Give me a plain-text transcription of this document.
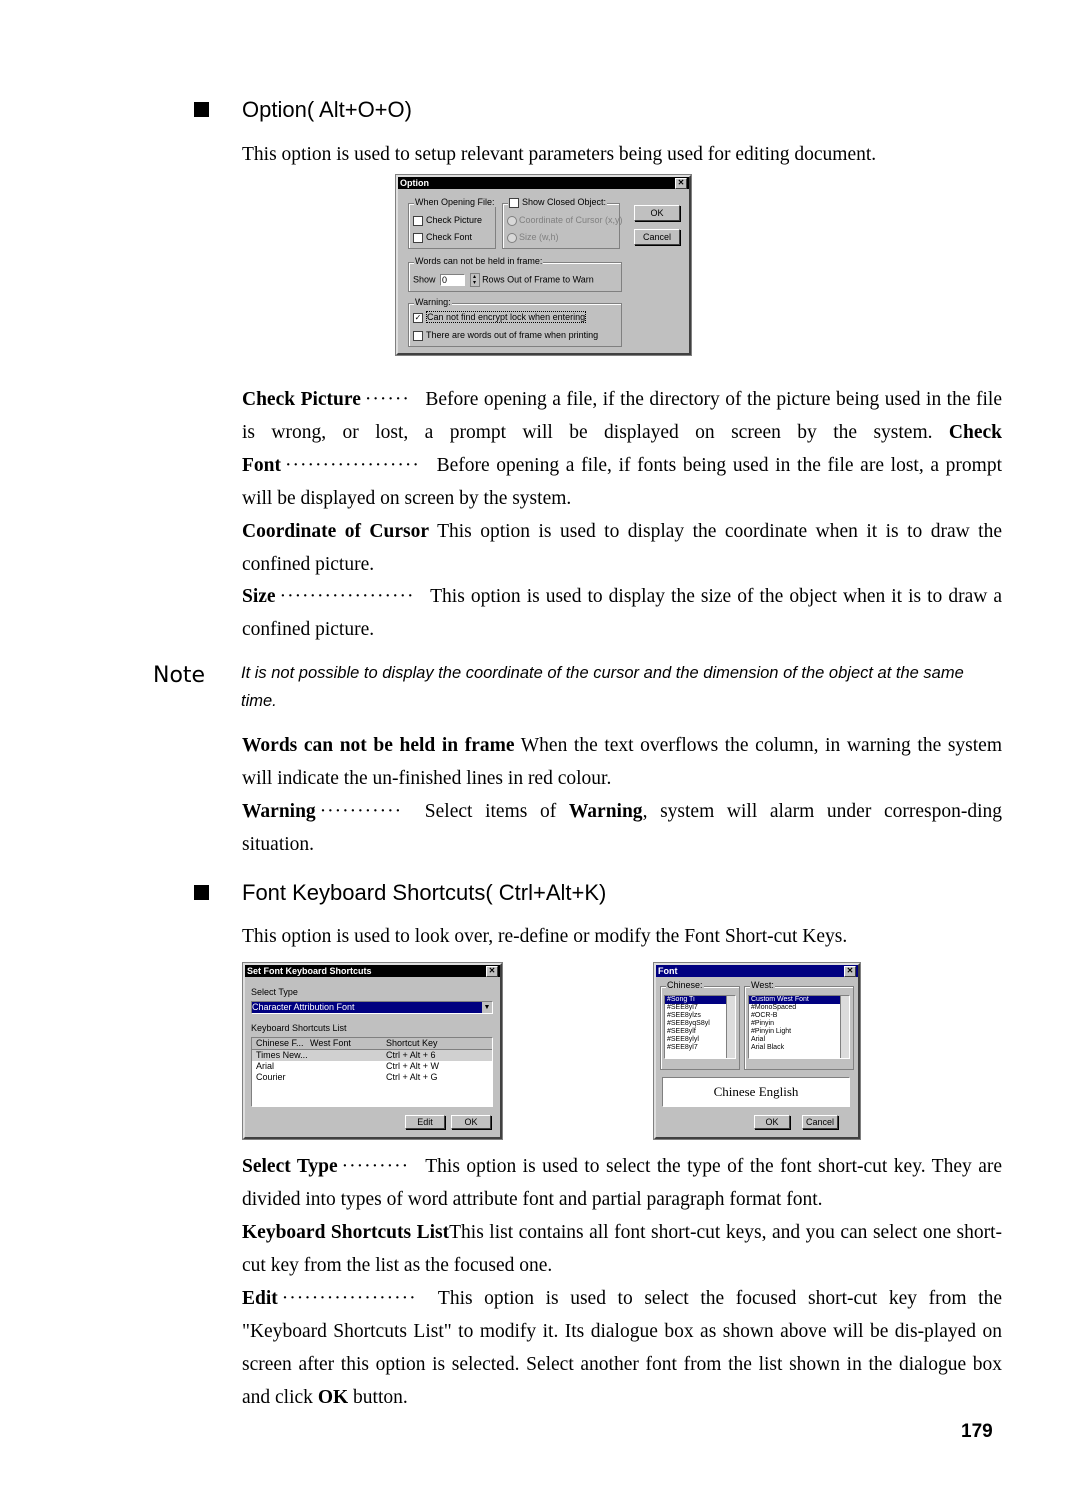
Option( Alt+O+O)
This option is used to setup relevant parameters being used for editing document.
Option	✕
When Opening File:
Check Picture
Check Font
Show Closed Object:
Coordinate of Cursor (x,y)
Size (w,h)
OK
Cancel
Words can not be held in frame:
Show 0	▴
▾ Rows Out of Frame to Warn
Warning:
✓ Can not find encrypt lock when entering
There are words out of frame when printing
Check Picture ······ Before opening a file, if the directory of the picture being used in the file is wrong, or lost, a prompt will be displayed on screen by the system. Check Font ·················· Before opening a file, if fonts being used in the file are lost, a prompt will be displayed on screen by the system.
Coordinate of Cursor This option is used to display the coordinate when it is to draw the confined picture.
Size ·················· This option is used to display the size of the object when it is to draw a confined picture.
Note It is not possible to display the coordinate of the cursor and the dimension of the object at the same time.
Words can not be held in frame When the text overflows the column, in warning the system will indicate the un-finished lines in red colour.
Warning ··········· Select items of Warning, system will alarm under correspon-ding situation.
Font Keyboard Shortcuts( Ctrl+Alt+K)
This option is used to look over, re-define or modify the Font Short-cut Keys.
Set Font Keyboard Shortcuts	✕
Select Type
Character Attribution Font	▼
Keyboard Shortcuts List
Chinese F... West Font	Shortcut Key
Times New...	Ctrl + Alt + 6
Arial	Ctrl + Alt + W
Courier	Ctrl + Alt + G
Edit	OK
Font	✕
Chinese:
#Song Ti
#SEE8yl7
#SEE8ylzs
#SEE8yqS8yl
#SEE8ylf
#SEE8ylyl
#SEE8yl7
West:
Custom West Font
#MonoSpaced
#OCR-B
#Pinyin
#Pinyin Light
Arial
Arial Black
Chinese English
OK	Cancel
Select Type ········· This option is used to select the type of the font short-cut key. They are divided into types of word attribute font and partial paragraph format font.
Keyboard Shortcuts ListThis list contains all font short-cut keys, and you can select one short-cut key from the list as the focused one.
Edit ·················· This option is used to select the focused short-cut key from the "Keyboard Shortcuts List" to modify it. Its dialogue box as shown above will be dis-played on screen after this option is selected. Select another font from the list shown in the dialogue box and click OK button.
179
